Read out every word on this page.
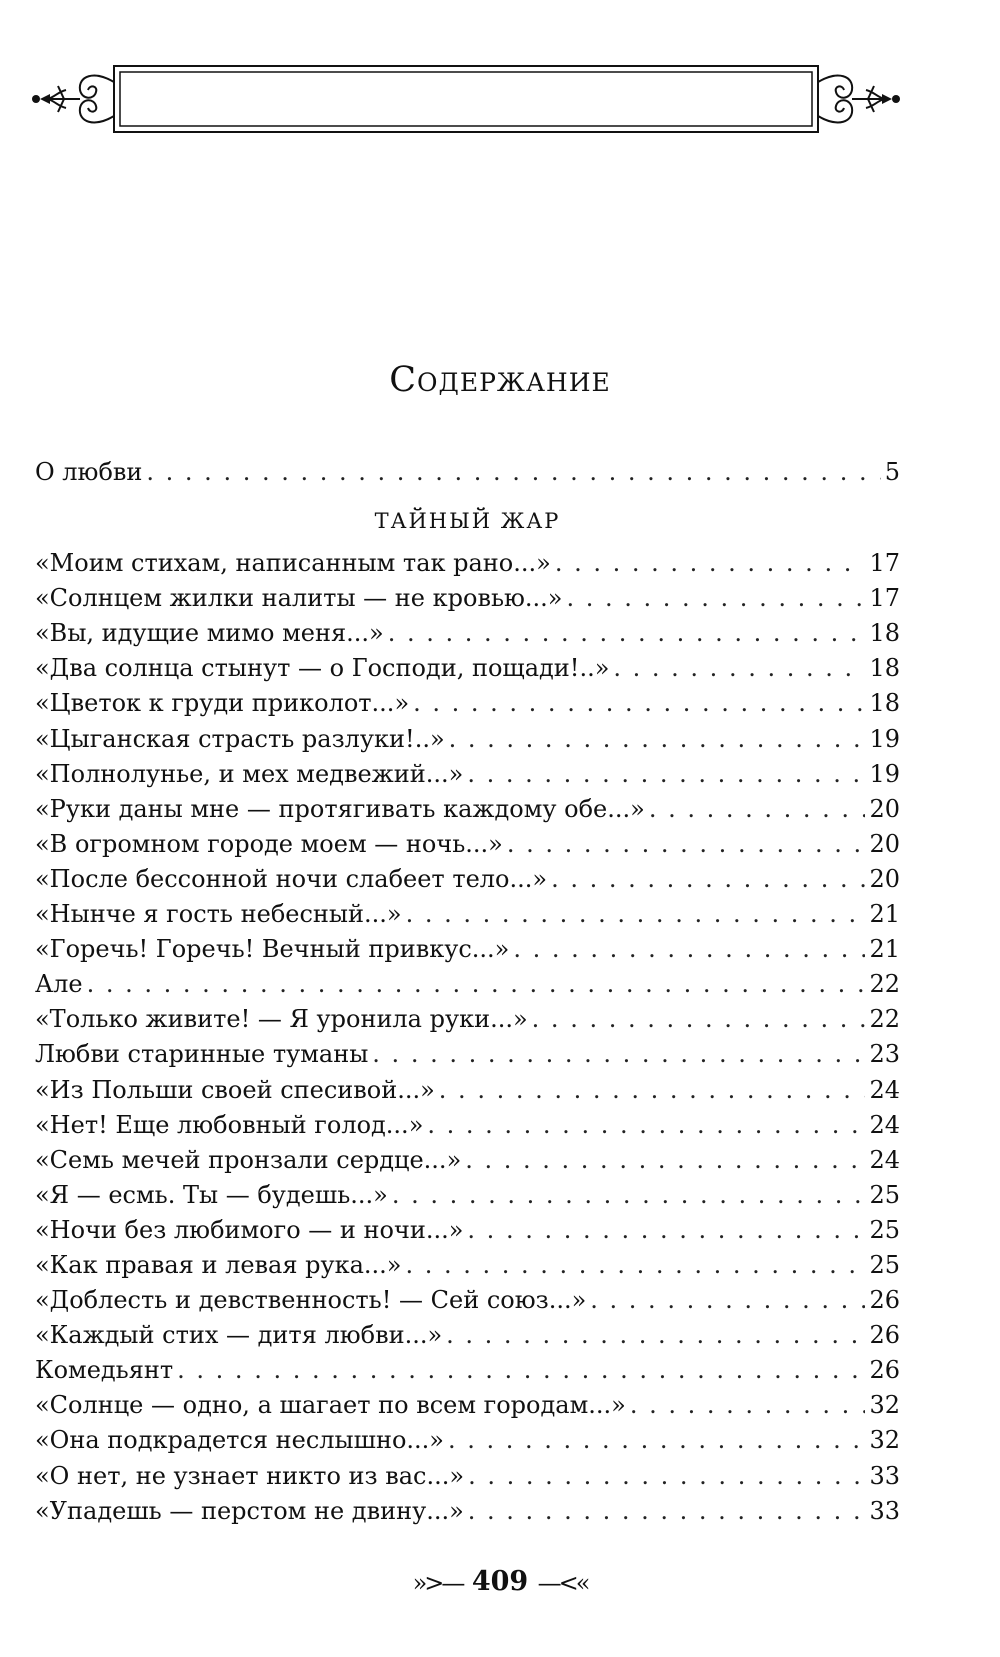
Содержание
О любви . . .	5
ТАЙНЫЙ ЖАР
«Моим стихам, написанным так рано...» . . .	17
«Солнцем жилки налиты — не кровью...» . . .	17
«Вы, идущие мимо меня...» . . .	18
«Два солнца стынут — о Господи, пощади!..» . . .	18
«Цветок к груди приколот...» . . .	18
«Цыганская страсть разлуки!..» . . .	19
«Полнолунье, и мех медвежий...» . . .	19
«Руки даны мне — протягивать каждому обе...» . . .	20
«В огромном городе моем — ночь...» . . .	20
«После бессонной ночи слабеет тело...» . . .	20
«Нынче я гость небесный...» . . .	21
«Горечь! Горечь! Вечный привкус...» . . .	21
Але . . .	22
«Только живите! — Я уронила руки...» . . .	22
Любви старинные туманы . . .	23
«Из Польши своей спесивой...» . . .	24
«Нет! Еще любовный голод...» . . .	24
«Семь мечей пронзали сердце...» . . .	24
«Я — есмь. Ты — будешь...» . . .	25
«Ночи без любимого — и ночи...» . . .	25
«Как правая и левая рука...» . . .	25
«Доблесть и девственность! — Сей союз...» . . .	26
«Каждый стих — дитя любви...» . . .	26
Комедьянт . . .	26
«Солнце — одно, а шагает по всем городам...» . . .	32
«Она подкрадется неслышно...» . . .	32
«О нет, не узнает никто из вас...» . . .	33
«Упадешь — перстом не двину...» . . .	33
»>— 409 —<«
